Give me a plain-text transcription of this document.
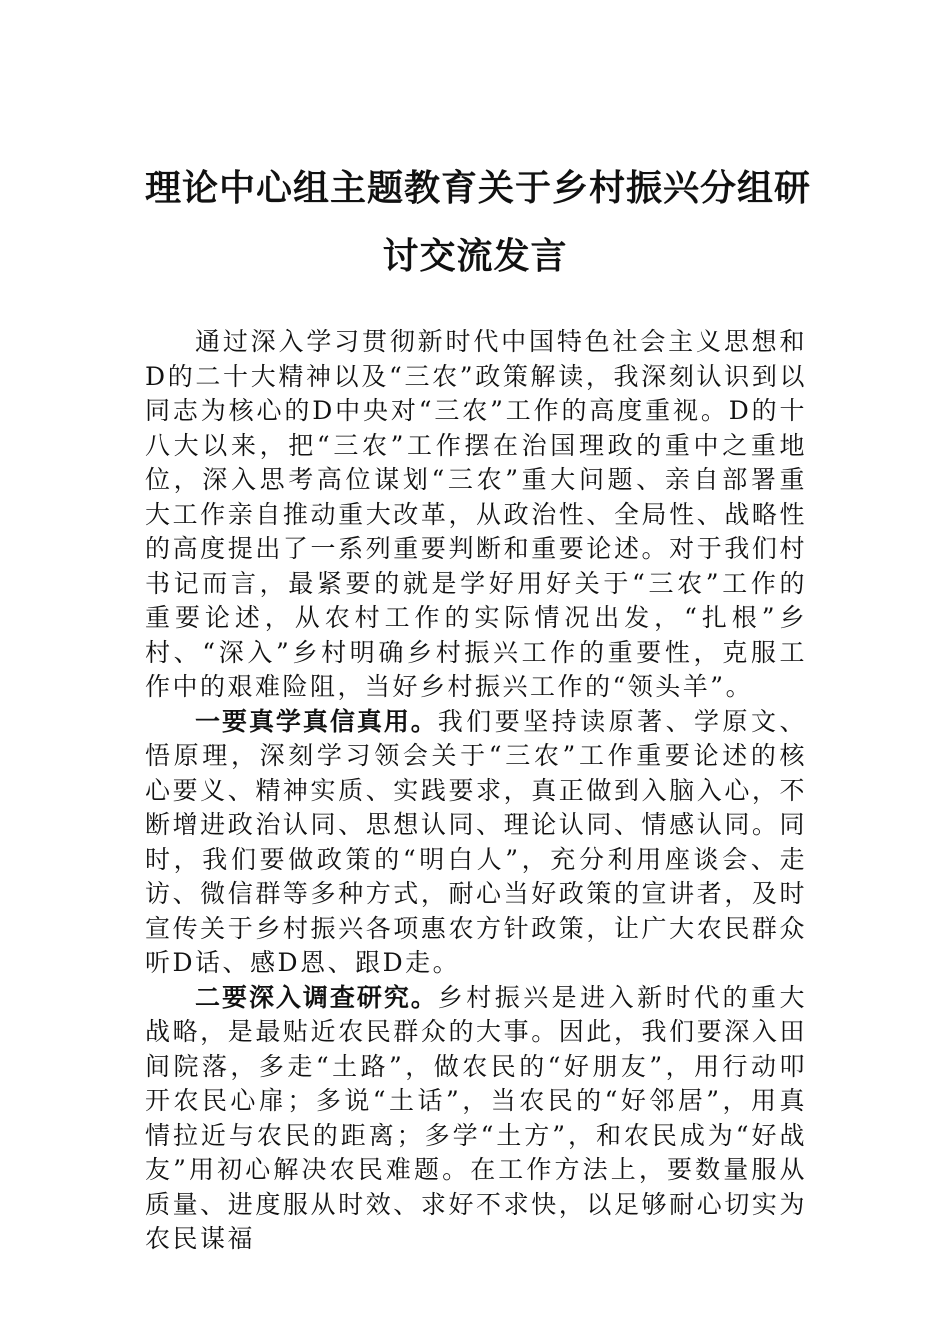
理论中心组主题教育关于乡村振兴分组研
讨交流发言

通过深入学习贯彻新时代中国特色社会主义思想和D的二十大精神以及“三农”政策解读，我深刻认识到以同志为核心的D中央对“三农”工作的高度重视。D的十八大以来，把“三农”工作摆在治国理政的重中之重地位，深入思考高位谋划“三农”重大问题、亲自部署重大工作亲自推动重大改革，从政治性、全局性、战略性的高度提出了一系列重要判断和重要论述。对于我们村书记而言，最紧要的就是学好用好关于“三农”工作的重要论述，从农村工作的实际情况出发，“扎根”乡村、“深入”乡村明确乡村振兴工作的重要性，克服工作中的艰难险阻，当好乡村振兴工作的“领头羊”。

一要真学真信真用。我们要坚持读原著、学原文、悟原理，深刻学习领会关于“三农”工作重要论述的核心要义、精神实质、实践要求，真正做到入脑入心，不断增进政治认同、思想认同、理论认同、情感认同。同时，我们要做政策的“明白人”，充分利用座谈会、走访、微信群等多种方式，耐心当好政策的宣讲者，及时宣传关于乡村振兴各项惠农方针政策，让广大农民群众听D话、感D恩、跟D走。

二要深入调查研究。乡村振兴是进入新时代的重大战略，是最贴近农民群众的大事。因此，我们要深入田间院落，多走“土路”，做农民的“好朋友”，用行动叩开农民心扉；多说“土话”，当农民的“好邻居”，用真情拉近与农民的距离；多学“土方”，和农民成为“好战友”用初心解决农民难题。在工作方法上，要数量服从质量、进度服从时效、求好不求快，以足够耐心切实为农民谋福
